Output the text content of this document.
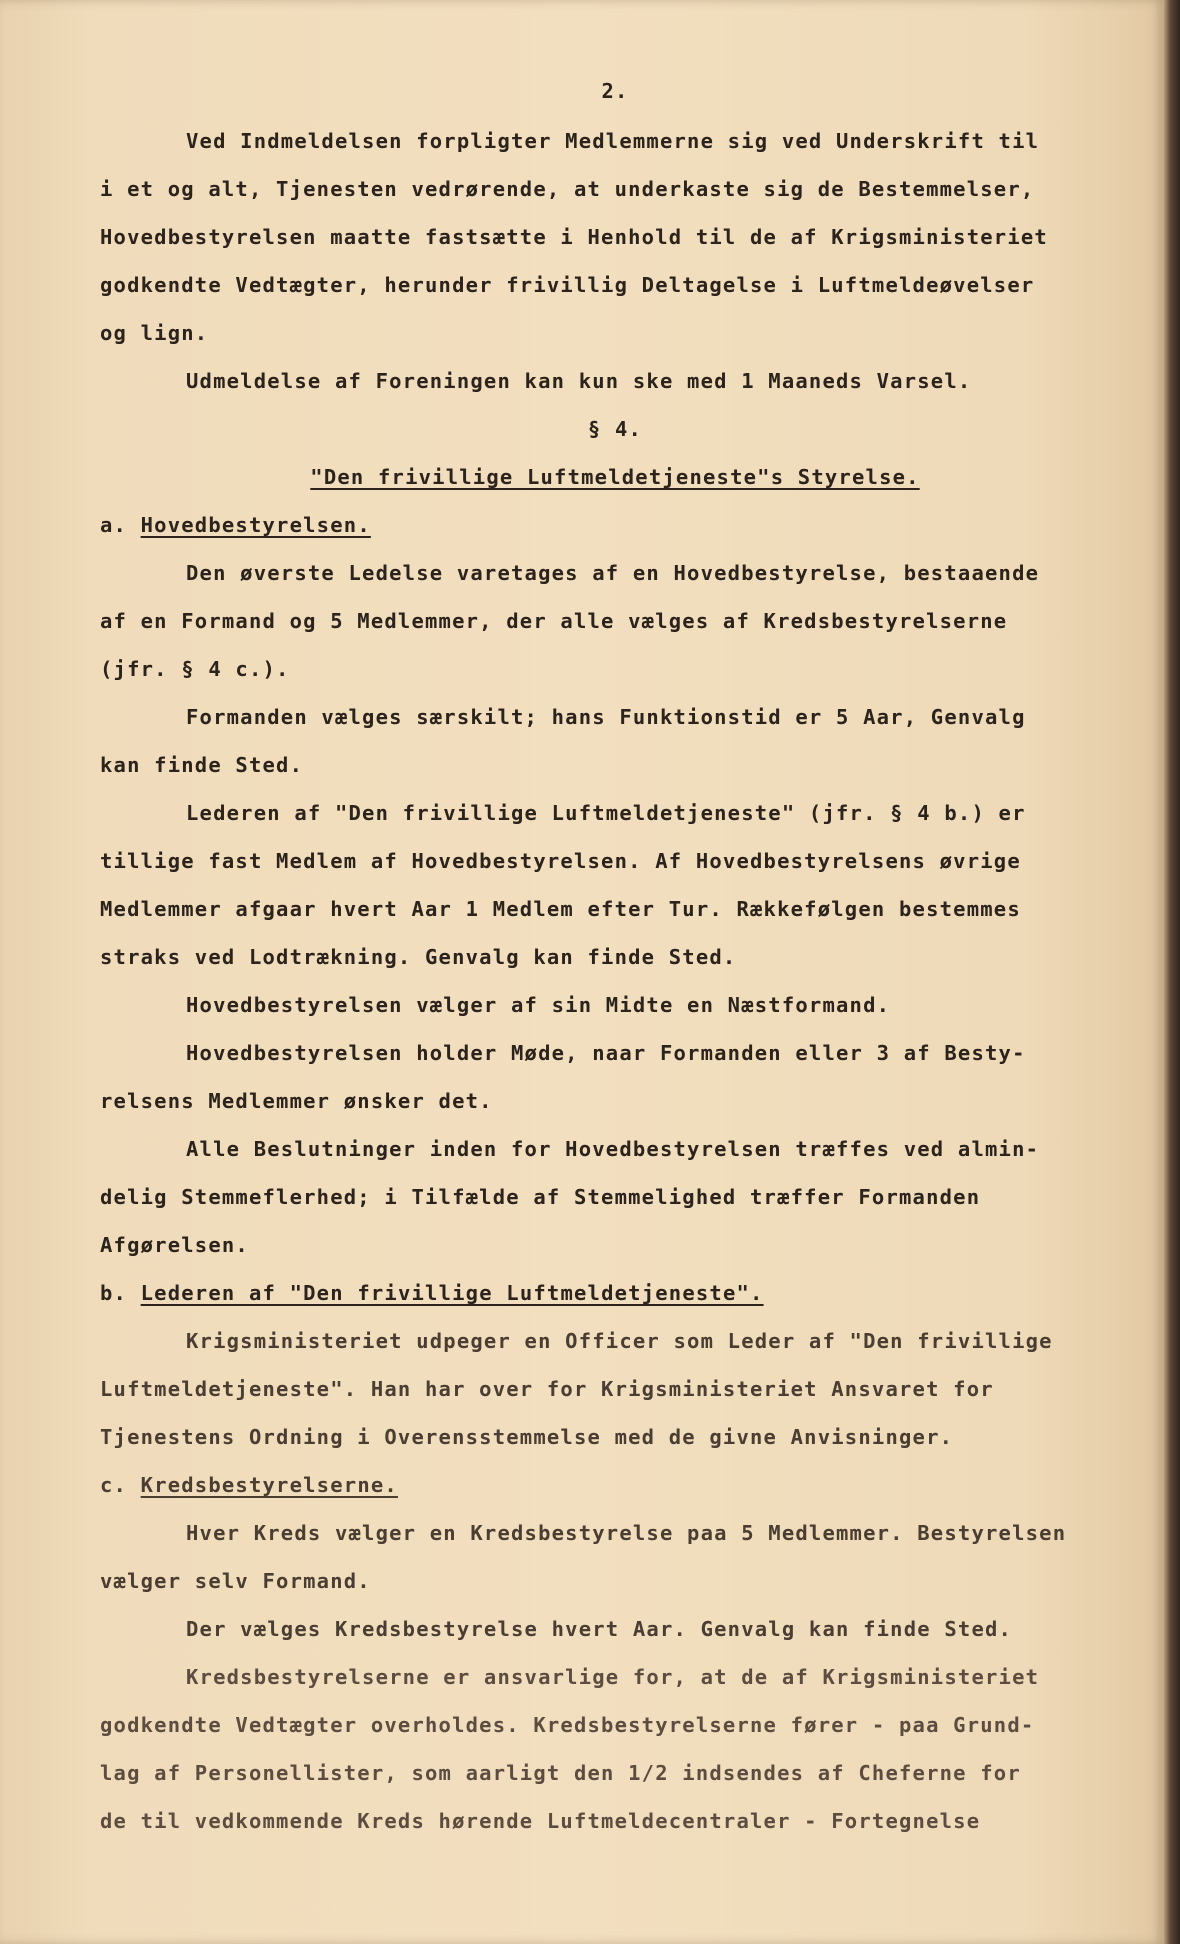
2.
Ved Indmeldelsen forpligter Medlemmerne sig ved Underskrift til
i et og alt, Tjenesten vedrørende, at underkaste sig de Bestemmelser,
Hovedbestyrelsen maatte fastsætte i Henhold til de af Krigsministeriet
godkendte Vedtægter, herunder frivillig Deltagelse i Luftmeldeøvelser
og lign.
Udmeldelse af Foreningen kan kun ske med 1 Maaneds Varsel.
§ 4.
"Den frivillige Luftmeldetjeneste"s Styrelse.
a. Hovedbestyrelsen.
Den øverste Ledelse varetages af en Hovedbestyrelse, bestaaende
af en Formand og 5 Medlemmer, der alle vælges af Kredsbestyrelserne
(jfr. § 4 c.).
Formanden vælges særskilt; hans Funktionstid er 5 Aar, Genvalg
kan finde Sted.
Lederen af "Den frivillige Luftmeldetjeneste" (jfr. § 4 b.) er
tillige fast Medlem af Hovedbestyrelsen. Af Hovedbestyrelsens øvrige
Medlemmer afgaar hvert Aar 1 Medlem efter Tur. Rækkefølgen bestemmes
straks ved Lodtrækning. Genvalg kan finde Sted.
Hovedbestyrelsen vælger af sin Midte en Næstformand.
Hovedbestyrelsen holder Møde, naar Formanden eller 3 af Besty-
relsens Medlemmer ønsker det.
Alle Beslutninger inden for Hovedbestyrelsen træffes ved almin-
delig Stemmeflerhed; i Tilfælde af Stemmelighed træffer Formanden
Afgørelsen.
b. Lederen af "Den frivillige Luftmeldetjeneste".
Krigsministeriet udpeger en Officer som Leder af "Den frivillige
Luftmeldetjeneste". Han har over for Krigsministeriet Ansvaret for
Tjenestens Ordning i Overensstemmelse med de givne Anvisninger.
c. Kredsbestyrelserne.
Hver Kreds vælger en Kredsbestyrelse paa 5 Medlemmer. Bestyrelsen
vælger selv Formand.
Der vælges Kredsbestyrelse hvert Aar. Genvalg kan finde Sted.
Kredsbestyrelserne er ansvarlige for, at de af Krigsministeriet
godkendte Vedtægter overholdes. Kredsbestyrelserne fører - paa Grund-
lag af Personellister, som aarligt den 1/2 indsendes af Cheferne for
de til vedkommende Kreds hørende Luftmeldecentraler - Fortegnelse
